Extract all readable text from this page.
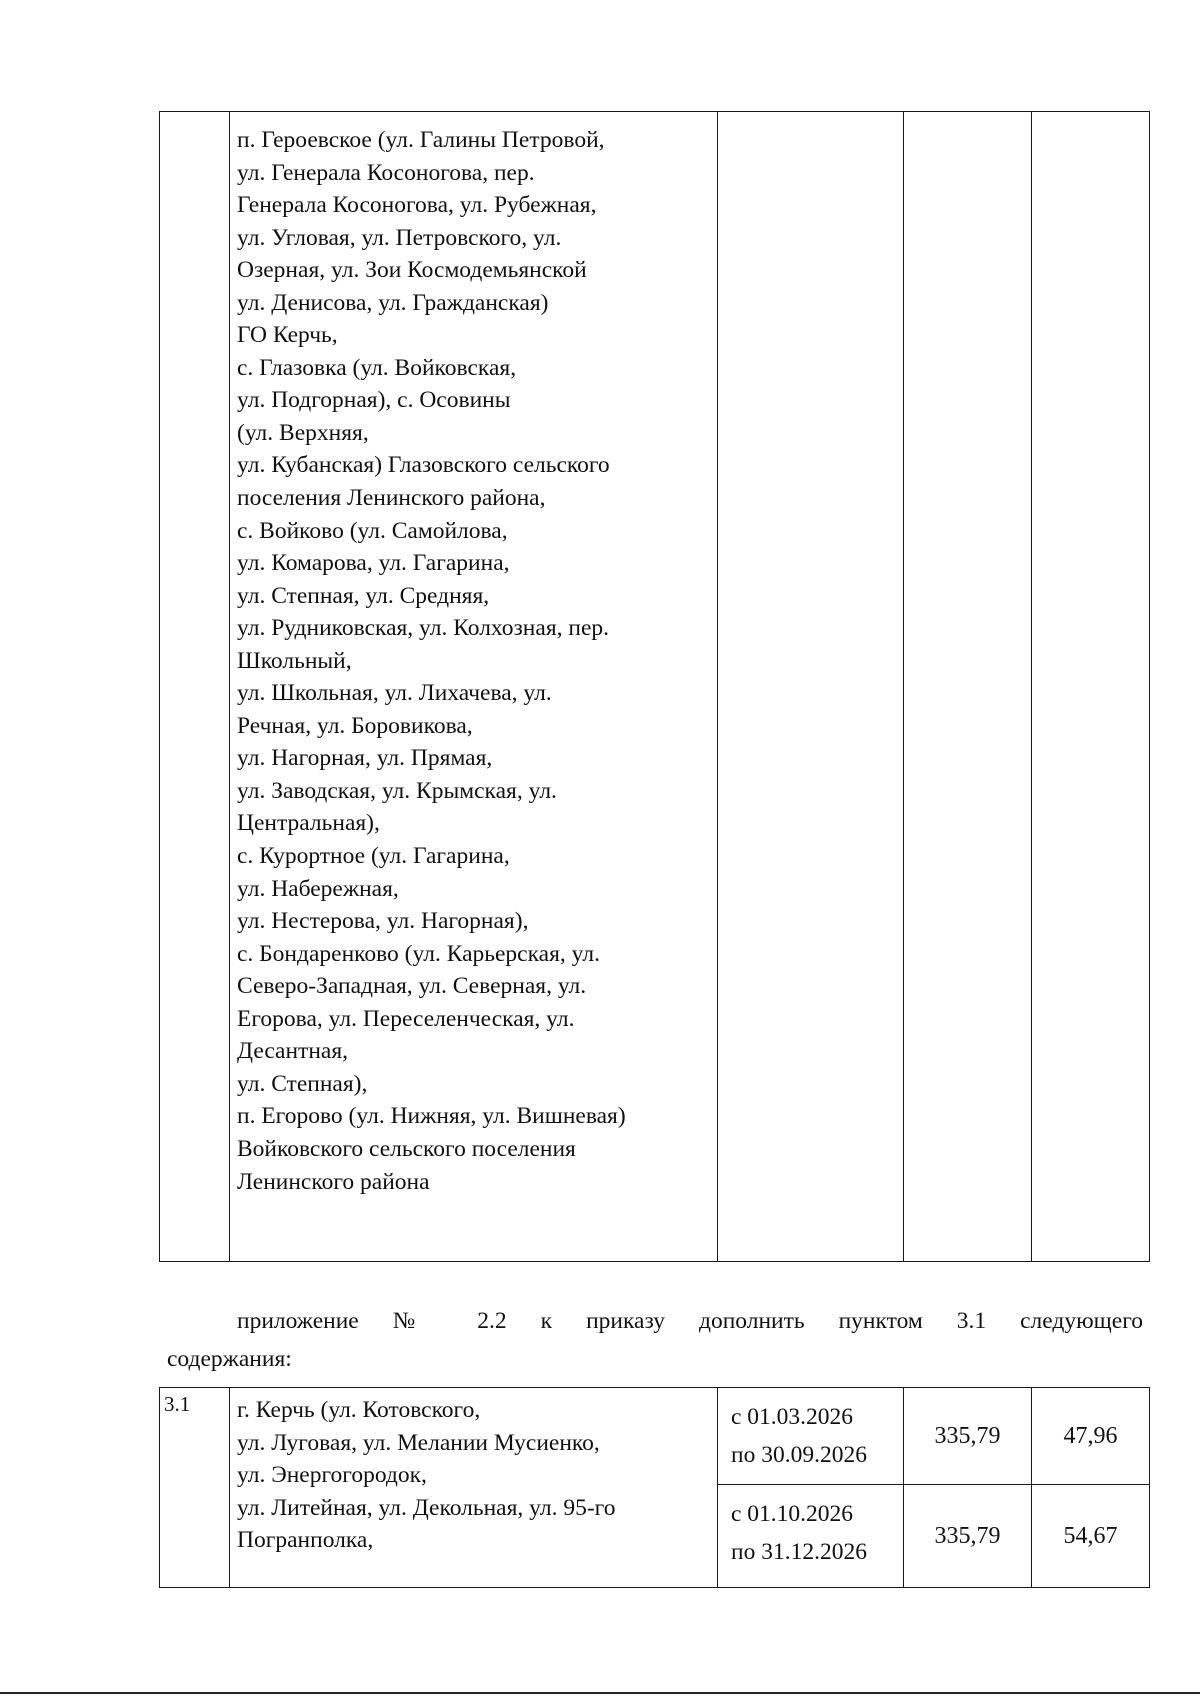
п. Героевское (ул. Галины Петровой,
ул. Генерала Косоногова, пер.
Генерала Косоногова, ул. Рубежная,
ул. Угловая, ул. Петровского, ул.
Озерная, ул. Зои Космодемьянской
ул. Денисова, ул. Гражданская)
ГО Керчь,
с. Глазовка (ул. Войковская,
ул. Подгорная), с. Осовины
(ул. Верхняя,
ул. Кубанская) Глазовского сельского
поселения Ленинского района,
с. Войково (ул. Самойлова,
ул. Комарова, ул. Гагарина,
ул. Степная, ул. Средняя,
ул. Рудниковская, ул. Колхозная, пер.
Школьный,
ул. Школьная, ул. Лихачева, ул.
Речная, ул. Боровикова,
ул. Нагорная, ул. Прямая,
ул. Заводская, ул. Крымская, ул.
Центральная),
с. Курортное (ул. Гагарина,
ул. Набережная,
ул. Нестерова, ул. Нагорная),
с. Бондаренково (ул. Карьерская, ул.
Северо-Западная, ул. Северная, ул.
Егорова, ул. Переселенческая, ул.
Десантная,
ул. Степная),
п. Егорово (ул. Нижняя, ул. Вишневая)
Войковского сельского поселения
Ленинского района

приложение № 2.2 к приказу дополнить пунктом 3.1 следующего
содержания:
3.1	г. Керчь (ул. Котовского,
ул. Луговая, ул. Мелании Мусиенко,
ул. Энергогородок,
ул. Литейная, ул. Декольная, ул. 95-го
Погранполка,	с 01.03.2026
по 30.09.2026	335,79	47,96

		с 01.10.2026
по 31.12.2026	335,79	54,67
